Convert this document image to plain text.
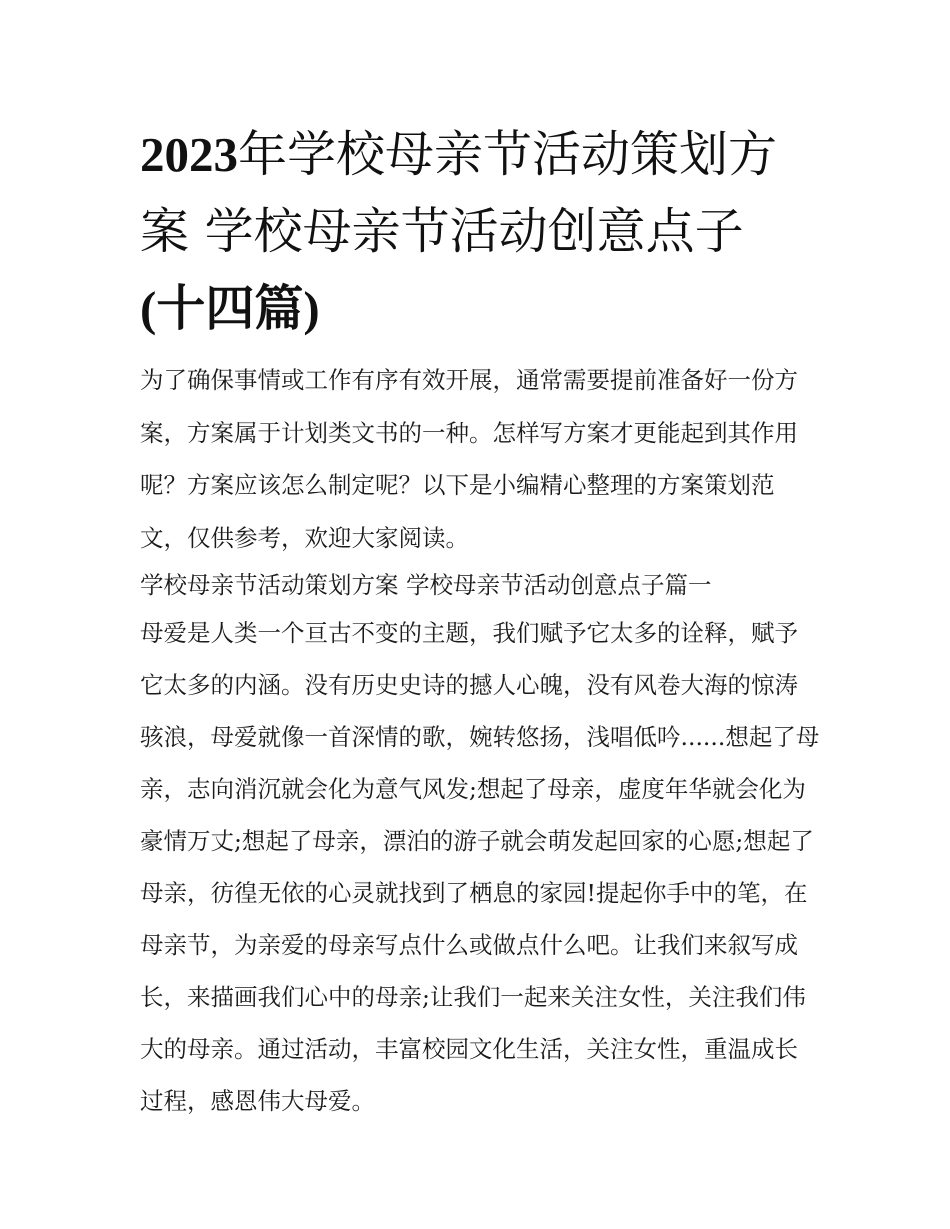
2023年学校母亲节活动策划方案 学校母亲节活动创意点子
(十四篇)

为了确保事情或工作有序有效开展，通常需要提前准备好一份方案，方案属于计划类文书的一种。怎样写方案才更能起到其作用呢？方案应该怎么制定呢？以下是小编精心整理的方案策划范文，仅供参考，欢迎大家阅读。

学校母亲节活动策划方案 学校母亲节活动创意点子篇一

母爱是人类一个亘古不变的主题，我们赋予它太多的诠释，赋予它太多的内涵。没有历史史诗的撼人心魄，没有风卷大海的惊涛骇浪，母爱就像一首深情的歌，婉转悠扬，浅唱低吟......想起了母亲，志向消沉就会化为意气风发;想起了母亲，虚度年华就会化为豪情万丈;想起了母亲，漂泊的游子就会萌发起回家的心愿;想起了母亲，彷徨无依的心灵就找到了栖息的家园!提起你手中的笔，在母亲节，为亲爱的母亲写点什么或做点什么吧。让我们来叙写成长，来描画我们心中的母亲;让我们一起来关注女性，关注我们伟大的母亲。通过活动，丰富校园文化生活，关注女性，重温成长过程，感恩伟大母爱。
